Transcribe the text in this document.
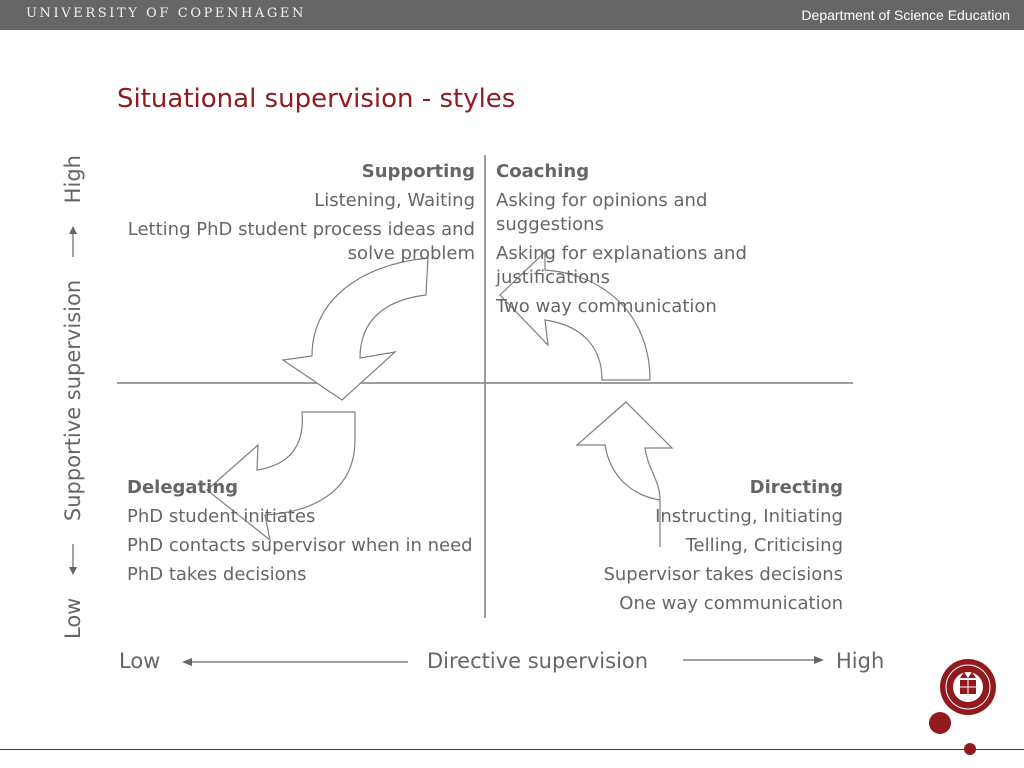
UNIVERSITY OF COPENHAGEN	Department of Science Education
Situational supervision - styles
Supporting
Listening, Waiting
Letting PhD student process ideas and solve problem
Coaching
Asking for opinions and suggestions
Asking for explanations and justifications
Two way communication
Delegating
PhD student initiates
PhD contacts supervisor when in need
PhD takes decisions
Directing
Instructing, Initiating
Telling, Criticising
Supervisor takes decisions
One way communication
Low
Supportive supervision
High
Low	Directive supervision	High
